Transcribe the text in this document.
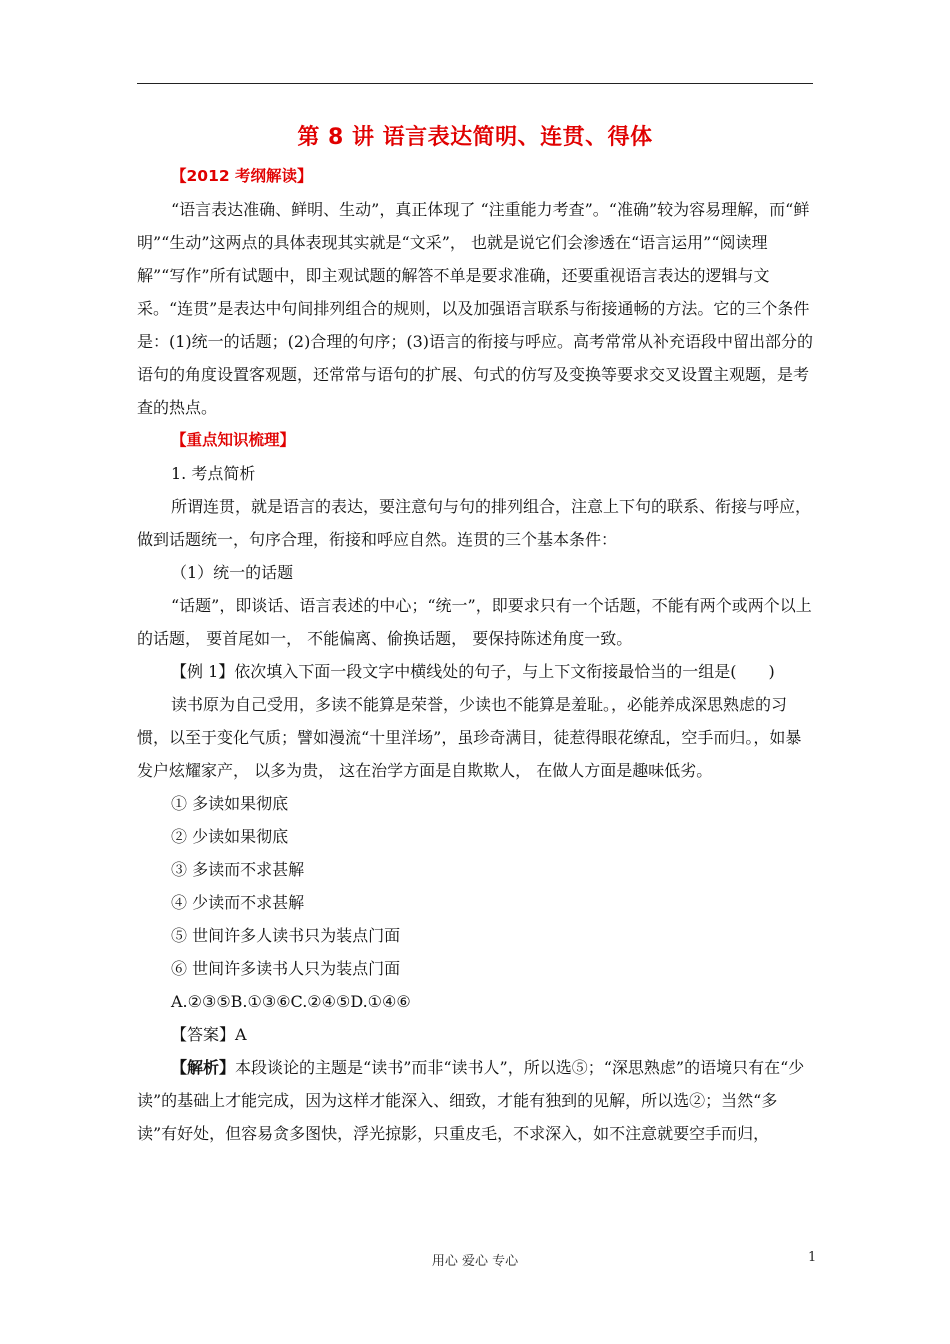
第 8 讲 语言表达简明、连贯、得体

【2012 考纲解读】

“语言表达准确、鲜明、生动”，真正体现了 “注重能力考查”。“准确”较为容易理解，而“鲜明”“生动”这两点的具体表现其实就是“文采”， 也就是说它们会渗透在“语言运用”“阅读理解”“写作”所有试题中，即主观试题的解答不单是要求准确，还要重视语言表达的逻辑与文采。“连贯”是表达中句间排列组合的规则，以及加强语言联系与衔接通畅的方法。它的三个条件是：(1)统一的话题；(2)合理的句序；(3)语言的衔接与呼应。高考常常从补充语段中留出部分的语句的角度设置客观题，还常常与语句的扩展、句式的仿写及变换等要求交叉设置主观题，是考查的热点。

【重点知识梳理】

1. 考点简析

所谓连贯，就是语言的表达，要注意句与句的排列组合，注意上下句的联系、衔接与呼应，做到话题统一，句序合理，衔接和呼应自然。连贯的三个基本条件：

（1）统一的话题

“话题”，即谈话、语言表述的中心；“统一”，即要求只有一个话题，不能有两个或两个以上的话题， 要首尾如一， 不能偏离、偷换话题， 要保持陈述角度一致。

【例 1】依次填入下面一段文字中横线处的句子，与上下文衔接最恰当的一组是(　　)

读书原为自己受用，多读不能算是荣誉，少读也不能算是羞耻。，必能养成深思熟虑的习惯，以至于变化气质；譬如漫流“十里洋场”，虽珍奇满目，徒惹得眼花缭乱，空手而归。，如暴发户炫耀家产， 以多为贵， 这在治学方面是自欺欺人， 在做人方面是趣味低劣。

① 多读如果彻底

② 少读如果彻底

③ 多读而不求甚解

④ 少读而不求甚解

⑤ 世间许多人读书只为装点门面

⑥ 世间许多读书人只为装点门面

A.②③⑤B.①③⑥C.②④⑤D.①④⑥

【答案】A

【解析】本段谈论的主题是“读书”而非“读书人”，所以选⑤；“深思熟虑”的语境只有在“少读”的基础上才能完成，因为这样才能深入、细致，才能有独到的见解，所以选②；当然“多读”有好处，但容易贪多图快，浮光掠影，只重皮毛，不求深入，如不注意就要空手而归，

用心 爱心 专心	1
